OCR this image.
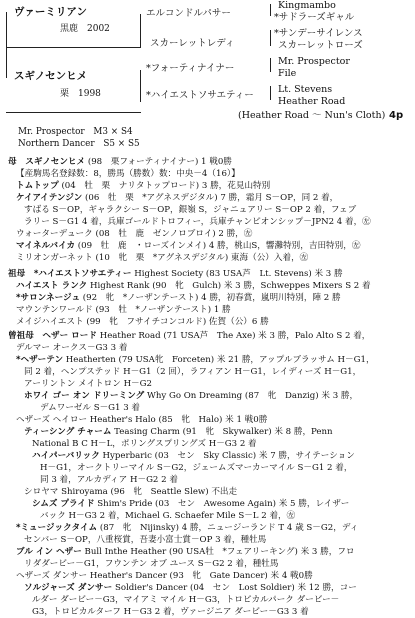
ヴァーミリアン
黒鹿　2002
スギノセンヒメ
栗　1998
エルコンドルパサー
スカーレットレディ
*フォーティナイナー
*ハイエストソサエティー
Kingmambo
*サドラーズギャル
*サンデーサイレンス
スカーレットローズ
Mr. Prospector
File
Lt. Stevens
Heather Road
(Heather Road 〜 Nun's Cloth) 4p
Mr. Prospector　M3 × S4
Northern Dancer　S5 × S5
母　 スギノセンヒメ (98　栗フォーティナイナー) 1 戦0勝
【産駒馬名登録数：8，勝馬（勝数）数：中央－4（16）】
トムトップ (04　牡　栗　ナリタトップロード) 3 勝，花見山特別
ケイアイテンジン (06　牡　栗　*アグネスデジタル) 7 勝，霜月 S－OP，同 2 着，
すばる S－OP，ギャラクシー S－OP，銀嶺 S，ジャニュアリー S－OP 2 着，フェブ
ラリー S－G1 4 着，兵庫ゴールドトロフィー，兵庫チャンピオンシップ－JPN2 4 着，㊧
ウォーターデューク (08　牡　鹿　ゼンノロブロイ) 2 勝，㊧
マイネルバイカ (09　牡　鹿　・ローズインメイ) 4 勝，桃山S，響灘特別，吉田特別，㊧
ミリオンガーネット (10　牝　栗　*アグネスデジタル) 東海（公）入着，㊧
祖母　 *ハイエストソサエティー Highest Society (83 USA芦　Lt. Stevens) 米 3 勝
ハイエスト ランク Highest Rank (90　牝　Gulch) 米 3 勝，Schweppes Mixers S 2 着
*サロンネージュ (92　牝　*ノーザンテースト) 4 勝，初春賞，嵐明川特別，陣 2 勝
マウンテンワールド (93　牡　*ノーザンテースト) 1 勝
メイジハイエスト (99　牝　フサイチコンコルド) 佐賀（公）6 勝
曾祖母　 ヘザー ロード Heather Road (71 USA芦　The Axe) 米 3 勝，Palo Alto S 2 着，
デルマー オークス－G3 3 着
*ヘザーテン Heatherten (79 USA牝　Forceten) 米 21 勝，アップルブラッサム H－G1，
同 2 着，ヘンプステッド H－G1（2 回），ラフィアン H－G1，レイディーズ H－G1，
アーリントン メイトロン H－G2
ホワイ ゴー オン ドリーミング Why Go On Dreaming (87　牝　Danzig) 米 3 勝，
デムワーゼル S－G1 3 着
ヘザーズ ヘイロー Heather's Halo (85　牝　Halo) 米 1 戦0勝
ティーシング チャーム Teasing Charm (91　牝　Skywalker) 米 8 勝，Penn
National B C H－L，ポリングスプリングズ H－G3 2 着
ハイパーバリック Hyperbaric (03　セン　Sky Classic) 米 7 勝，サイテーション
H－G1，オークトリーマイル S－G2，ジェームズマーカーマイル S－G1 2 着，
同 3 着，アルカディア H－G2 2 着
シロヤマ Shiroyama (96　牝　Seattle Slew) 不出走
シムズ プライド Shim's Pride (03　セン　Awesome Again) 米 5 勝，レイザー
バック H－G3 2 着，Michael G. Schaefer Mile S－L 2 着，㊧
*ミュージックタイム (87　牝　Nijinsky) 4 勝，ニュージーランド T 4 歳 S－G2，ディ
センバー S－OP，八重桜賞，吾妻小富士賞－OP 3 着，種牡馬
ブル イン ヘザー Bull Inthe Heather (90 USA牡　*フェアリーキング) 米 3 勝，フロ
リダダービー－G1，フウンテン オブ ユース S－G2 2 着，種牡馬
ヘザーズ ダンサー Heather's Dancer (93　牝　Gate Dancer) 米 4 戦0勝
ソルジャーズ ダンサー Soldier's Dancer (04　セン　Lost Soldier) 米 12 勝，コー
ルダー ダービー－G3，マイアミ マイル H－G3，トロピカルパーク ダービー－
G3，トロピカルターフ H－G3 2 着，ヴァージニア ダービー－G3 3 着
